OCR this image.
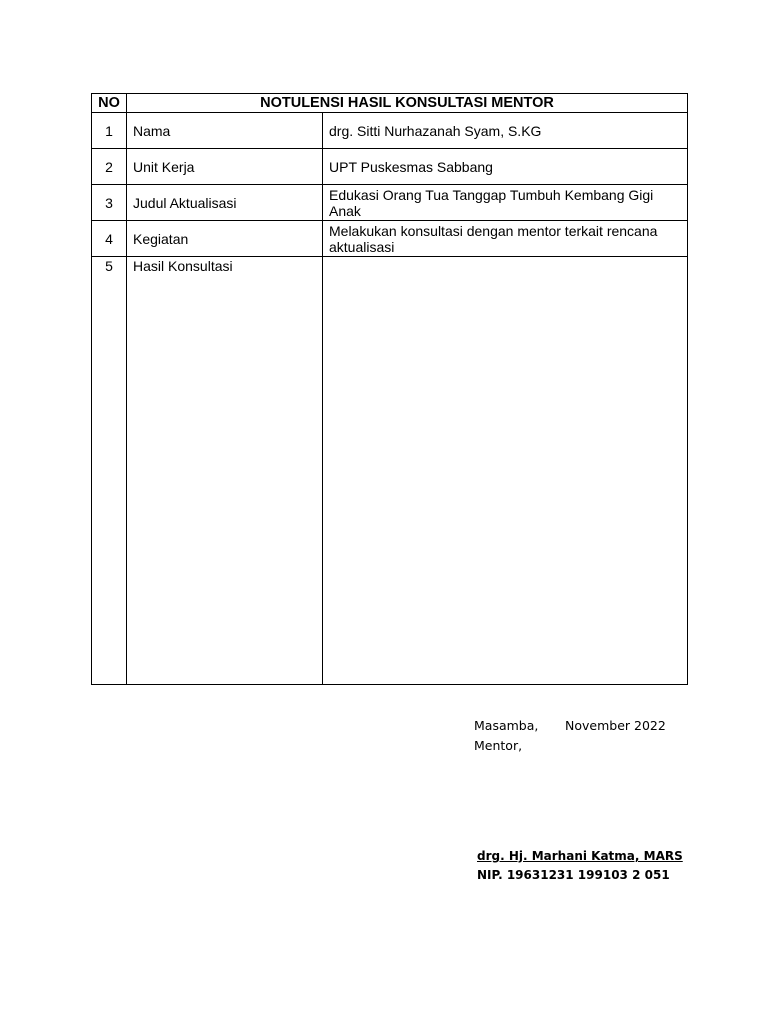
NO	NOTULENSI HASIL KONSULTASI MENTOR	
1	Nama	drg. Sitti Nurhazanah Syam, S.KG
2	Unit Kerja	UPT Puskesmas Sabbang
3	Judul Aktualisasi	Edukasi Orang Tua Tanggap Tumbuh Kembang Gigi Anak
4	Kegiatan	Melakukan konsultasi dengan mentor terkait rencana aktualisasi
5	Hasil Konsultasi	
Masamba,	November 2022
Mentor,
drg. Hj. Marhani Katma, MARS
NIP. 19631231 199103 2 051
